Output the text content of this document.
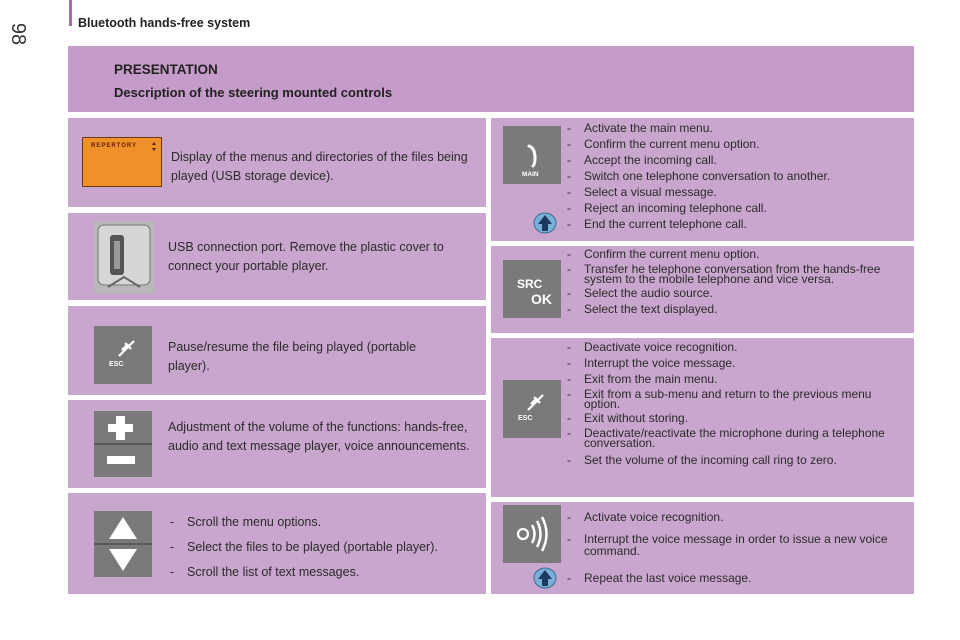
98	Bluetooth hands-free system
PRESENTATION
Description of the steering mounted controls
REPERTORY
Display of the menus and directories of the files being played (USB storage device).
USB connection port. Remove the plastic cover to connect your portable player.
ESC
Pause/resume the file being played (portable player).
Adjustment of the volume of the functions: hands-free, audio and text message player, voice announcements.
- Scroll the menu options.
- Select the files to be played (portable player).
- Scroll the list of text messages.
MAIN
- Activate the main menu.
- Confirm the current menu option.
- Accept the incoming call.
- Switch one telephone conversation to another.
- Select a visual message.
- Reject an incoming telephone call.
- End the current telephone call.
SRC
OK
- Confirm the current menu option.
- Transfer he telephone conversation from the hands-free system to the mobile telephone and vice versa.
- Select the audio source.
- Select the text displayed.
ESC
- Deactivate voice recognition.
- Interrupt the voice message.
- Exit from the main menu.
- Exit from a sub-menu and return to the previous menu option.
- Exit without storing.
- Deactivate/reactivate the microphone during a telephone conversation.
- Set the volume of the incoming call ring to zero.
- Activate voice recognition.
- Interrupt the voice message in order to issue a new voice command.
- Repeat the last voice message.
